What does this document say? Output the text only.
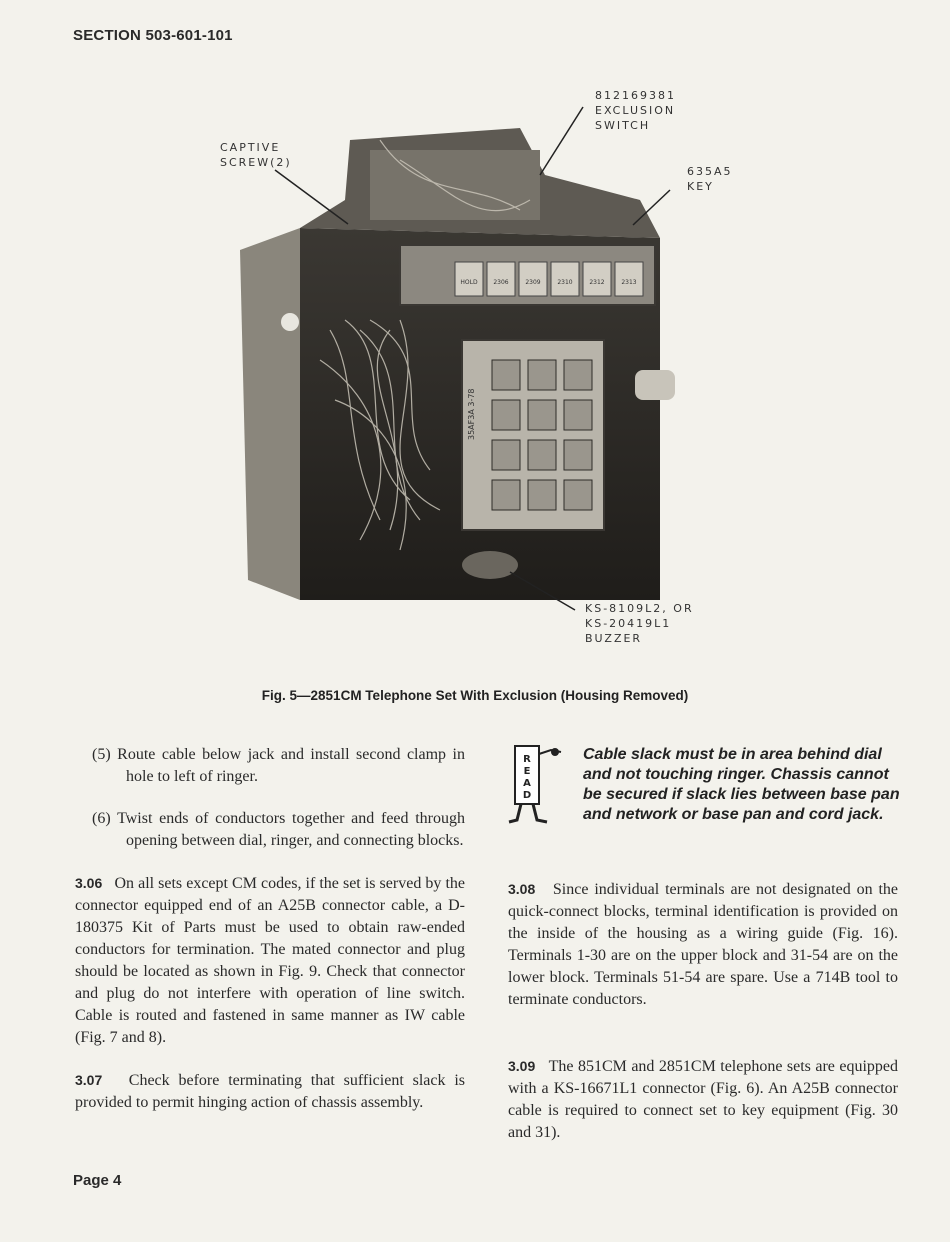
SECTION 503-601-101
HOLD	2306	2309	2310	2312	2313
35AF3A 3-78
812169381
EXCLUSION
SWITCH
CAPTIVE
SCREW(2)
635A5
KEY
KS-8109L2, OR
KS-20419L1
BUZZER
Fig. 5—2851CM Telephone Set With Exclusion (Housing Removed)

(5) Route cable below jack and install second clamp in hole to left of ringer.

(6) Twist ends of conductors together and feed through opening between dial, ringer, and connecting blocks.

3.06 On all sets except CM codes, if the set is served by the connector equipped end of an A25B connector cable, a D-180375 Kit of Parts must be used to obtain raw-ended conductors for termination. The mated connector and plug should be located as shown in Fig. 9. Check that connector and plug do not interfere with operation of line switch. Cable is routed and fastened in same manner as IW cable (Fig. 7 and 8).

3.07 Check before terminating that sufficient slack is provided to permit hinging action of chassis assembly.

R
E
A
D
Cable slack must be in area behind dial and not touching ringer. Chassis cannot be secured if slack lies between base pan and network or base pan and cord jack.

3.08 Since individual terminals are not designated on the quick-connect blocks, terminal identification is provided on the inside of the housing as a wiring guide (Fig. 16). Terminals 1-30 are on the upper block and 31-54 are on the lower block. Terminals 51-54 are spare. Use a 714B tool to terminate conductors.

3.09 The 851CM and 2851CM telephone sets are equipped with a KS-16671L1 connector (Fig. 6). An A25B connector cable is required to connect set to key equipment (Fig. 30 and 31).

Page 4
